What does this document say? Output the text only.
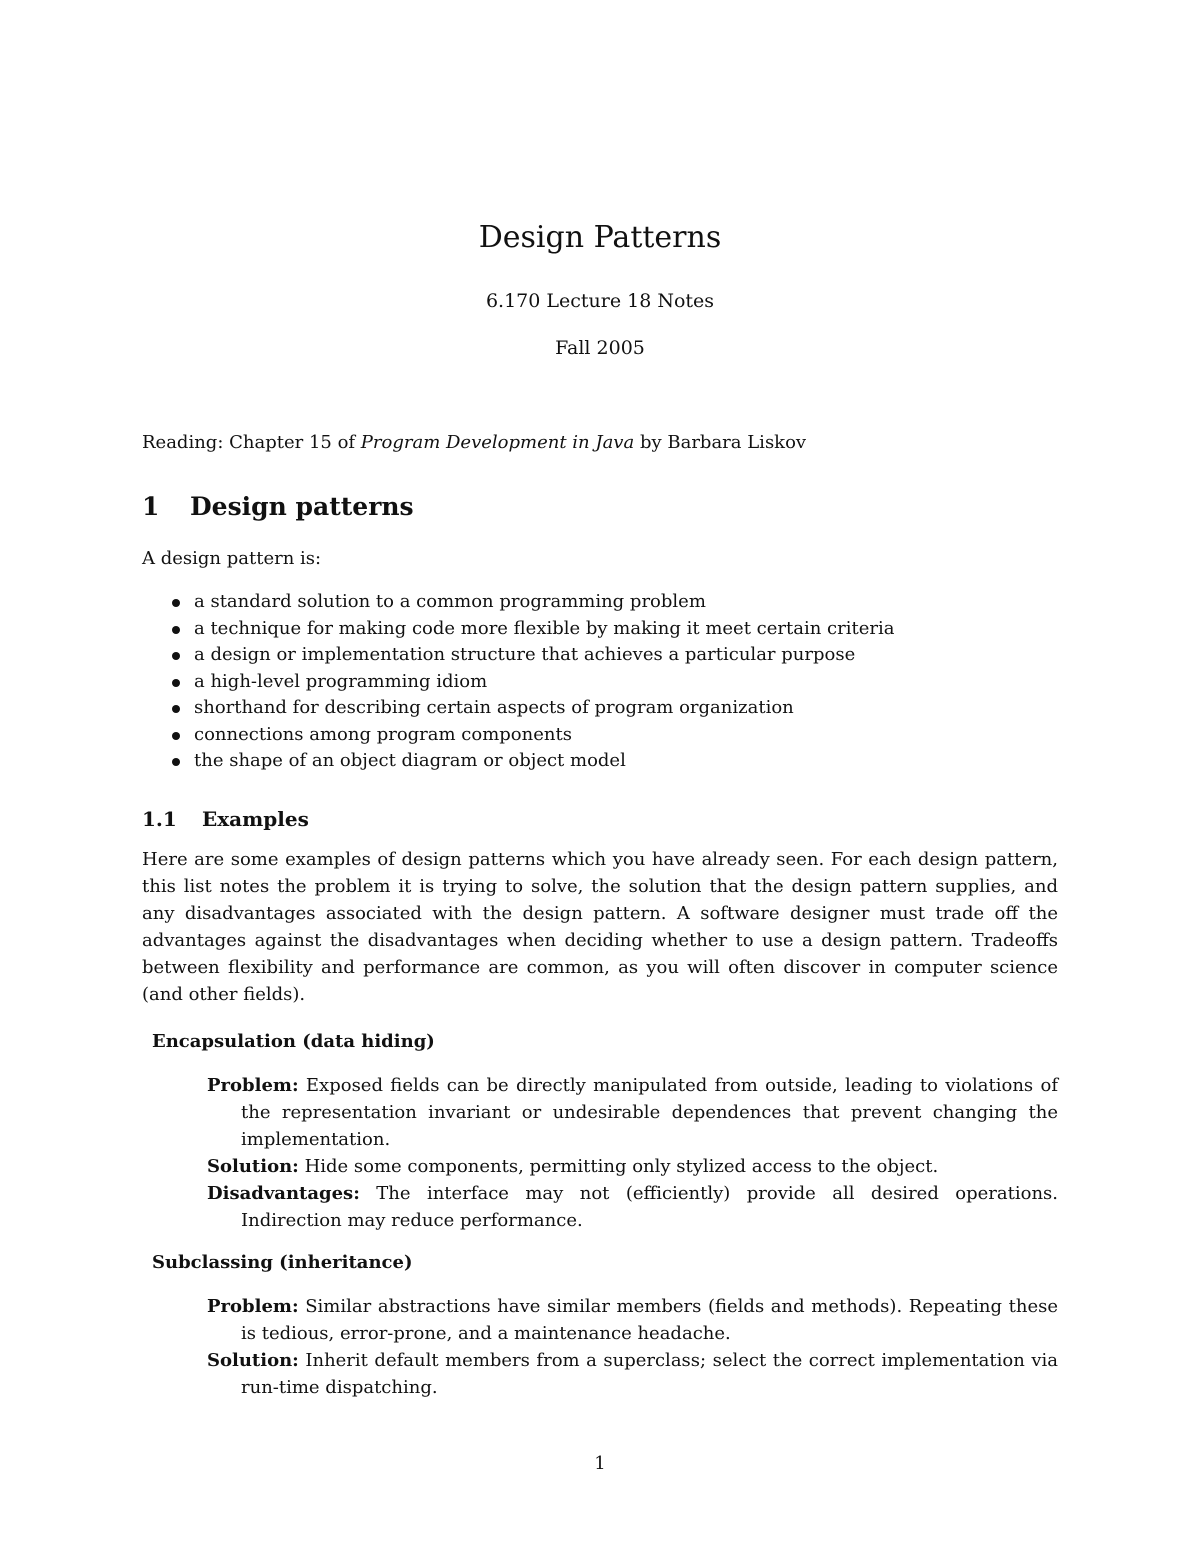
Design Patterns
6.170 Lecture 18 Notes
Fall 2005
Reading: Chapter 15 of Program Development in Java by Barbara Liskov
1 Design patterns
A design pattern is:
a standard solution to a common programming problem
a technique for making code more flexible by making it meet certain criteria
a design or implementation structure that achieves a particular purpose
a high-level programming idiom
shorthand for describing certain aspects of program organization
connections among program components
the shape of an object diagram or object model
1.1 Examples
Here are some examples of design patterns which you have already seen. For each design pattern, this list notes the problem it is trying to solve, the solution that the design pattern supplies, and any disadvantages associated with the design pattern. A software designer must trade off the advantages against the disadvantages when deciding whether to use a design pattern. Tradeoffs between flexibility and performance are common, as you will often discover in computer science (and other fields).
Encapsulation (data hiding)
Problem: Exposed fields can be directly manipulated from outside, leading to violations of the representation invariant or undesirable dependences that prevent changing the implementation.
Solution: Hide some components, permitting only stylized access to the object.
Disadvantages: The interface may not (efficiently) provide all desired operations. Indirection may reduce performance.
Subclassing (inheritance)
Problem: Similar abstractions have similar members (fields and methods). Repeating these is tedious, error-prone, and a maintenance headache.
Solution: Inherit default members from a superclass; select the correct implementation via run-time dispatching.
1
